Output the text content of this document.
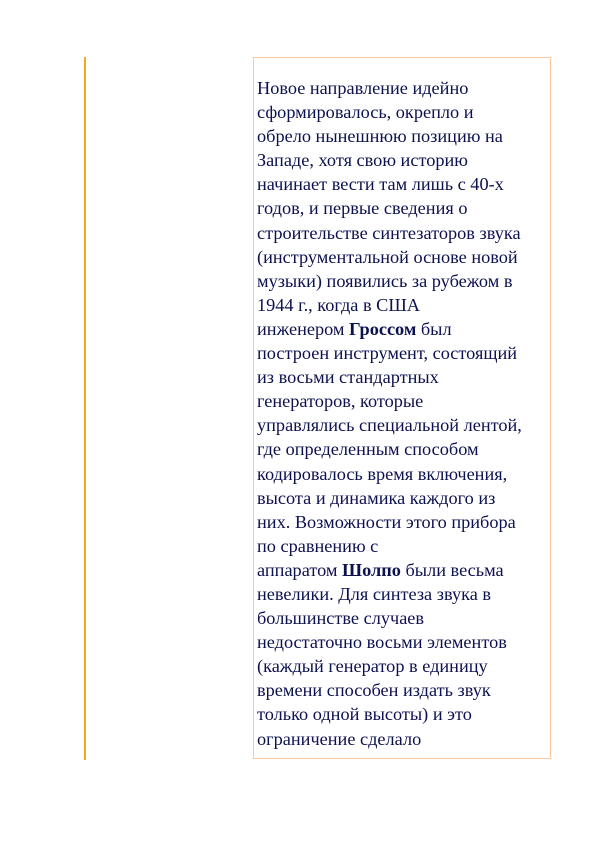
Новое направление идейно
сформировалось, окрепло и
обрело нынешнюю позицию на
Западе, хотя свою историю
начинает вести там лишь с 40-х
годов, и первые сведения о
строительстве синтезаторов звука
(инструментальной основе новой
музыки) появились за рубежом в
1944 г., когда в США
инженером Гроссом был
построен инструмент, состоящий
из восьми стандартных
генераторов, которые
управлялись специальной лентой,
где определенным способом
кодировалось время включения,
высота и динамика каждого из
них. Возможности этого прибора
по сравнению с
аппаратом Шолпо были весьма
невелики. Для синтеза звука в
большинстве случаев
недостаточно восьми элементов
(каждый генератор в единицу
времени способен издать звук
только одной высоты) и это
ограничение сделало
